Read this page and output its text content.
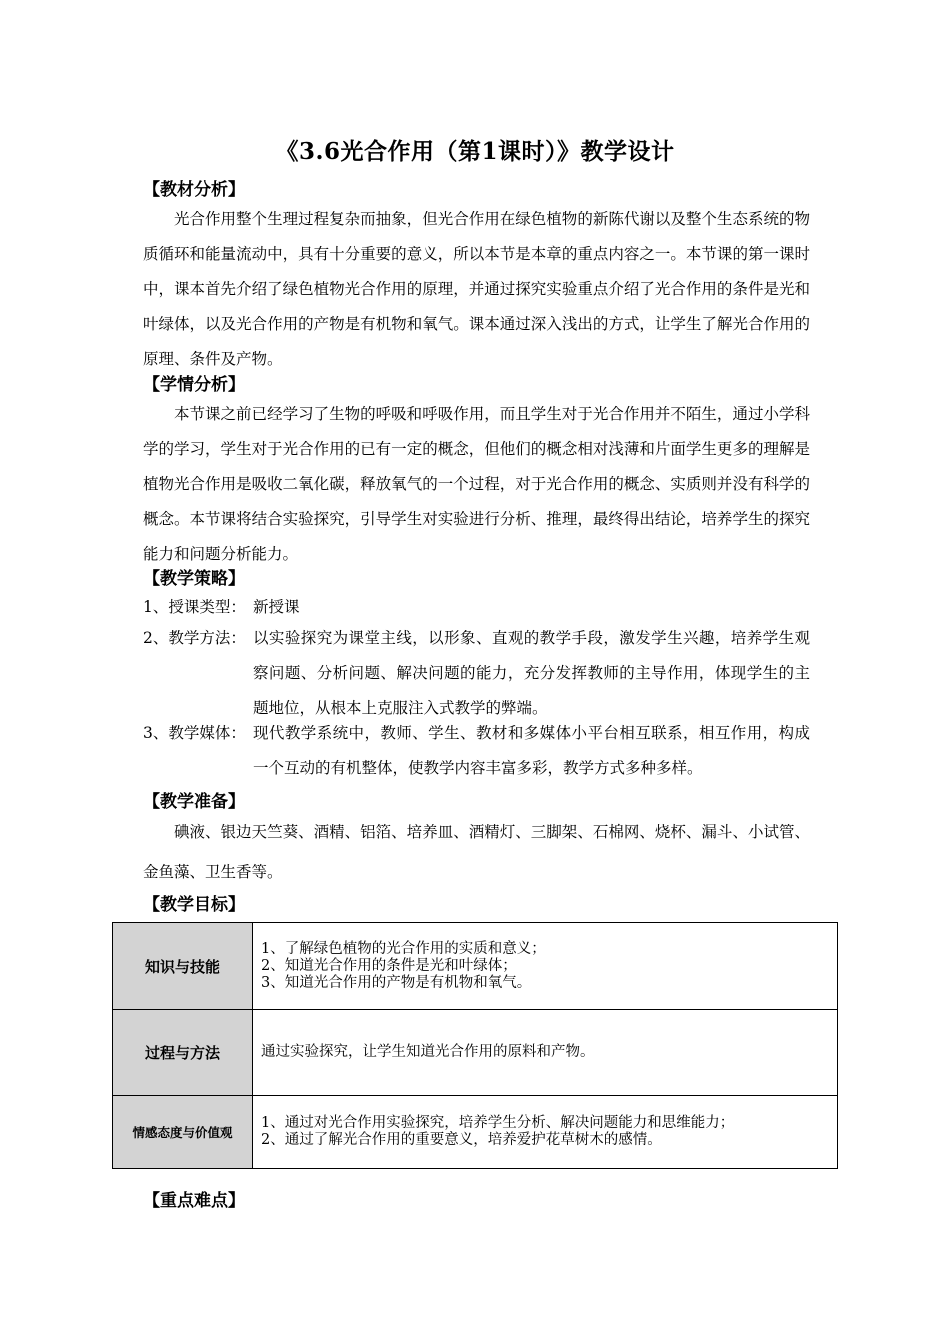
《3.6光合作用（第1课时）》教学设计
【教材分析】

光合作用整个生理过程复杂而抽象，但光合作用在绿色植物的新陈代谢以及整个生态系统的物质循环和能量流动中，具有十分重要的意义，所以本节是本章的重点内容之一。本节课的第一课时中，课本首先介绍了绿色植物光合作用的原理，并通过探究实验重点介绍了光合作用的条件是光和叶绿体，以及光合作用的产物是有机物和氧气。课本通过深入浅出的方式，让学生了解光合作用的原理、条件及产物。

【学情分析】

本节课之前已经学习了生物的呼吸和呼吸作用，而且学生对于光合作用并不陌生，通过小学科学的学习，学生对于光合作用的已有一定的概念，但他们的概念相对浅薄和片面学生更多的理解是植物光合作用是吸收二氧化碳，释放氧气的一个过程，对于光合作用的概念、实质则并没有科学的概念。本节课将结合实验探究，引导学生对实验进行分析、推理，最终得出结论，培养学生的探究能力和问题分析能力。

【教学策略】
1、授课类型： 新授课
2、教学方法： 以实验探究为课堂主线，以形象、直观的教学手段，激发学生兴趣，培养学生观察问题、分析问题、解决问题的能力，充分发挥教师的主导作用，体现学生的主题地位，从根本上克服注入式教学的弊端。
3、教学媒体： 现代教学系统中，教师、学生、教材和多媒体小平台相互联系，相互作用，构成一个互动的有机整体，使教学内容丰富多彩，教学方式多种多样。
【教学准备】

碘液、银边天竺葵、酒精、铝箔、培养皿、酒精灯、三脚架、石棉网、烧杯、漏斗、小试管、金鱼藻、卫生香等。

【教学目标】
知识与技能	1、了解绿色植物的光合作用的实质和意义；
2、知道光合作用的条件是光和叶绿体；
3、知道光合作用的产物是有机物和氧气。

过程与方法	通过实验探究，让学生知道光合作用的原料和产物。

情感态度与价值观	1、通过对光合作用实验探究，培养学生分析、解决问题能力和思维能力；
2、通过了解光合作用的重要意义，培养爱护花草树木的感情。
【重点难点】
